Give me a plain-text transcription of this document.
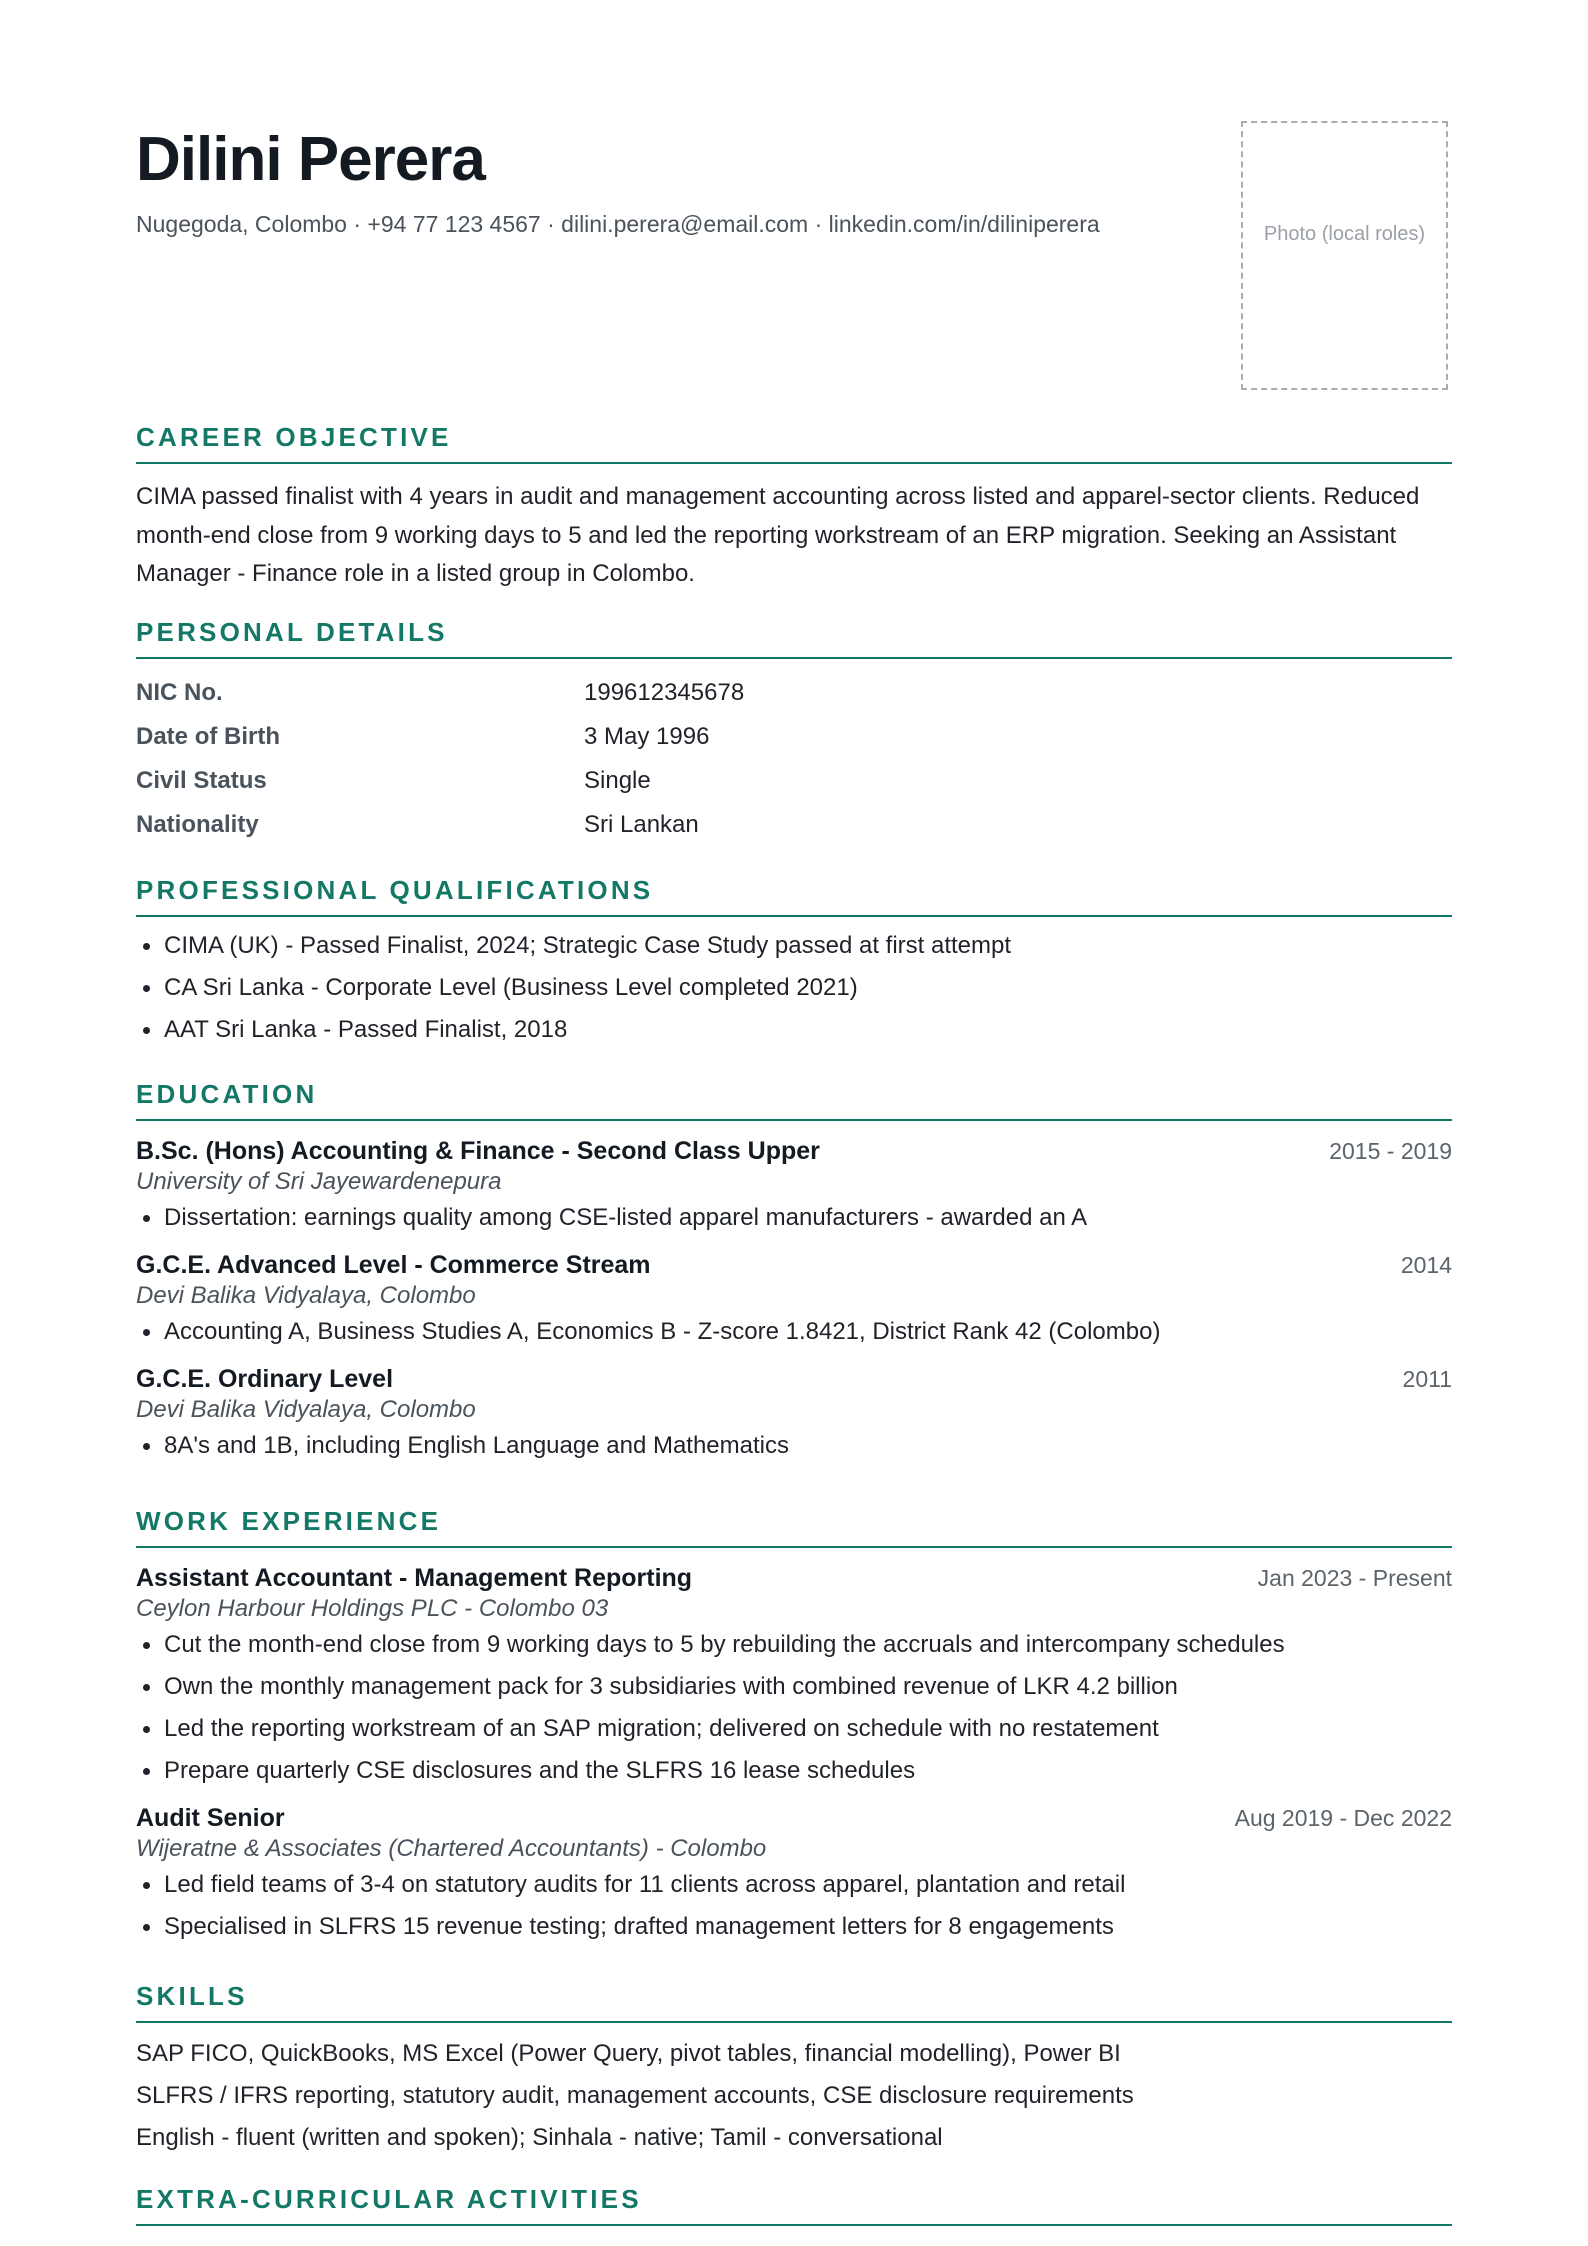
Dilini Perera
Nugegoda, Colombo · +94 77 123 4567 · dilini.perera@email.com · linkedin.com/in/diliniperera	Photo (local roles)
CAREER OBJECTIVE
CIMA passed finalist with 4 years in audit and management accounting across listed and apparel-sector clients. Reduced month-end close from 9 working days to 5 and led the reporting workstream of an ERP migration. Seeking an Assistant Manager - Finance role in a listed group in Colombo.
PERSONAL DETAILS
NIC No.	199612345678
Date of Birth	3 May 1996
Civil Status	Single
Nationality	Sri Lankan
PROFESSIONAL QUALIFICATIONS
CIMA (UK) - Passed Finalist, 2024; Strategic Case Study passed at first attempt
CA Sri Lanka - Corporate Level (Business Level completed 2021)
AAT Sri Lanka - Passed Finalist, 2018
EDUCATION
B.Sc. (Hons) Accounting & Finance - Second Class Upper	2015 - 2019
University of Sri Jayewardenepura
Dissertation: earnings quality among CSE-listed apparel manufacturers - awarded an A
G.C.E. Advanced Level - Commerce Stream	2014
Devi Balika Vidyalaya, Colombo
Accounting A, Business Studies A, Economics B - Z-score 1.8421, District Rank 42 (Colombo)
G.C.E. Ordinary Level	2011
Devi Balika Vidyalaya, Colombo
8A's and 1B, including English Language and Mathematics
WORK EXPERIENCE
Assistant Accountant - Management Reporting	Jan 2023 - Present
Ceylon Harbour Holdings PLC - Colombo 03
Cut the month-end close from 9 working days to 5 by rebuilding the accruals and intercompany schedules
Own the monthly management pack for 3 subsidiaries with combined revenue of LKR 4.2 billion
Led the reporting workstream of an SAP migration; delivered on schedule with no restatement
Prepare quarterly CSE disclosures and the SLFRS 16 lease schedules
Audit Senior	Aug 2019 - Dec 2022
Wijeratne & Associates (Chartered Accountants) - Colombo
Led field teams of 3-4 on statutory audits for 11 clients across apparel, plantation and retail
Specialised in SLFRS 15 revenue testing; drafted management letters for 8 engagements
SKILLS
SAP FICO, QuickBooks, MS Excel (Power Query, pivot tables, financial modelling), Power BI
SLFRS / IFRS reporting, statutory audit, management accounts, CSE disclosure requirements
English - fluent (written and spoken); Sinhala - native; Tamil - conversational
EXTRA-CURRICULAR ACTIVITIES
